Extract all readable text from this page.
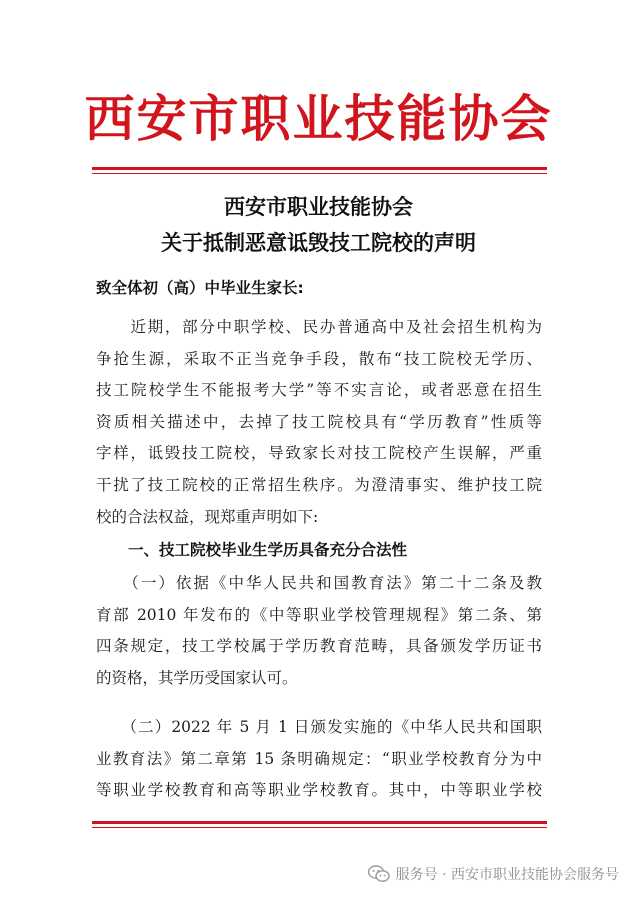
西安市职业技能协会
西安市职业技能协会
关于抵制恶意诋毁技工院校的声明
致全体初（高）中毕业生家长:
　　近期，部分中职学校、民办普通高中及社会招生机构为
争抢生源，采取不正当竞争手段，散布“技工院校无学历、
技工院校学生不能报考大学”等不实言论，或者恶意在招生
资质相关描述中，去掉了技工院校具有“学历教育”性质等
字样，诋毁技工院校，导致家长对技工院校产生误解，严重
干扰了技工院校的正常招生秩序。为澄清事实、维护技工院
校的合法权益，现郑重声明如下:
一、技工院校毕业生学历具备充分合法性
　　（一）依据《中华人民共和国教育法》第二十二条及教
育部 2010 年发布的《中等职业学校管理规程》第二条、第
四条规定，技工学校属于学历教育范畴，具备颁发学历证书
的资格，其学历受国家认可。
　　（二）2022 年 5 月 1 日颁发实施的《中华人民共和国职
业教育法》第二章第 15 条明确规定：“职业学校教育分为中
等职业学校教育和高等职业学校教育。其中，中等职业学校
服务号 · 西安市职业技能协会服务号
